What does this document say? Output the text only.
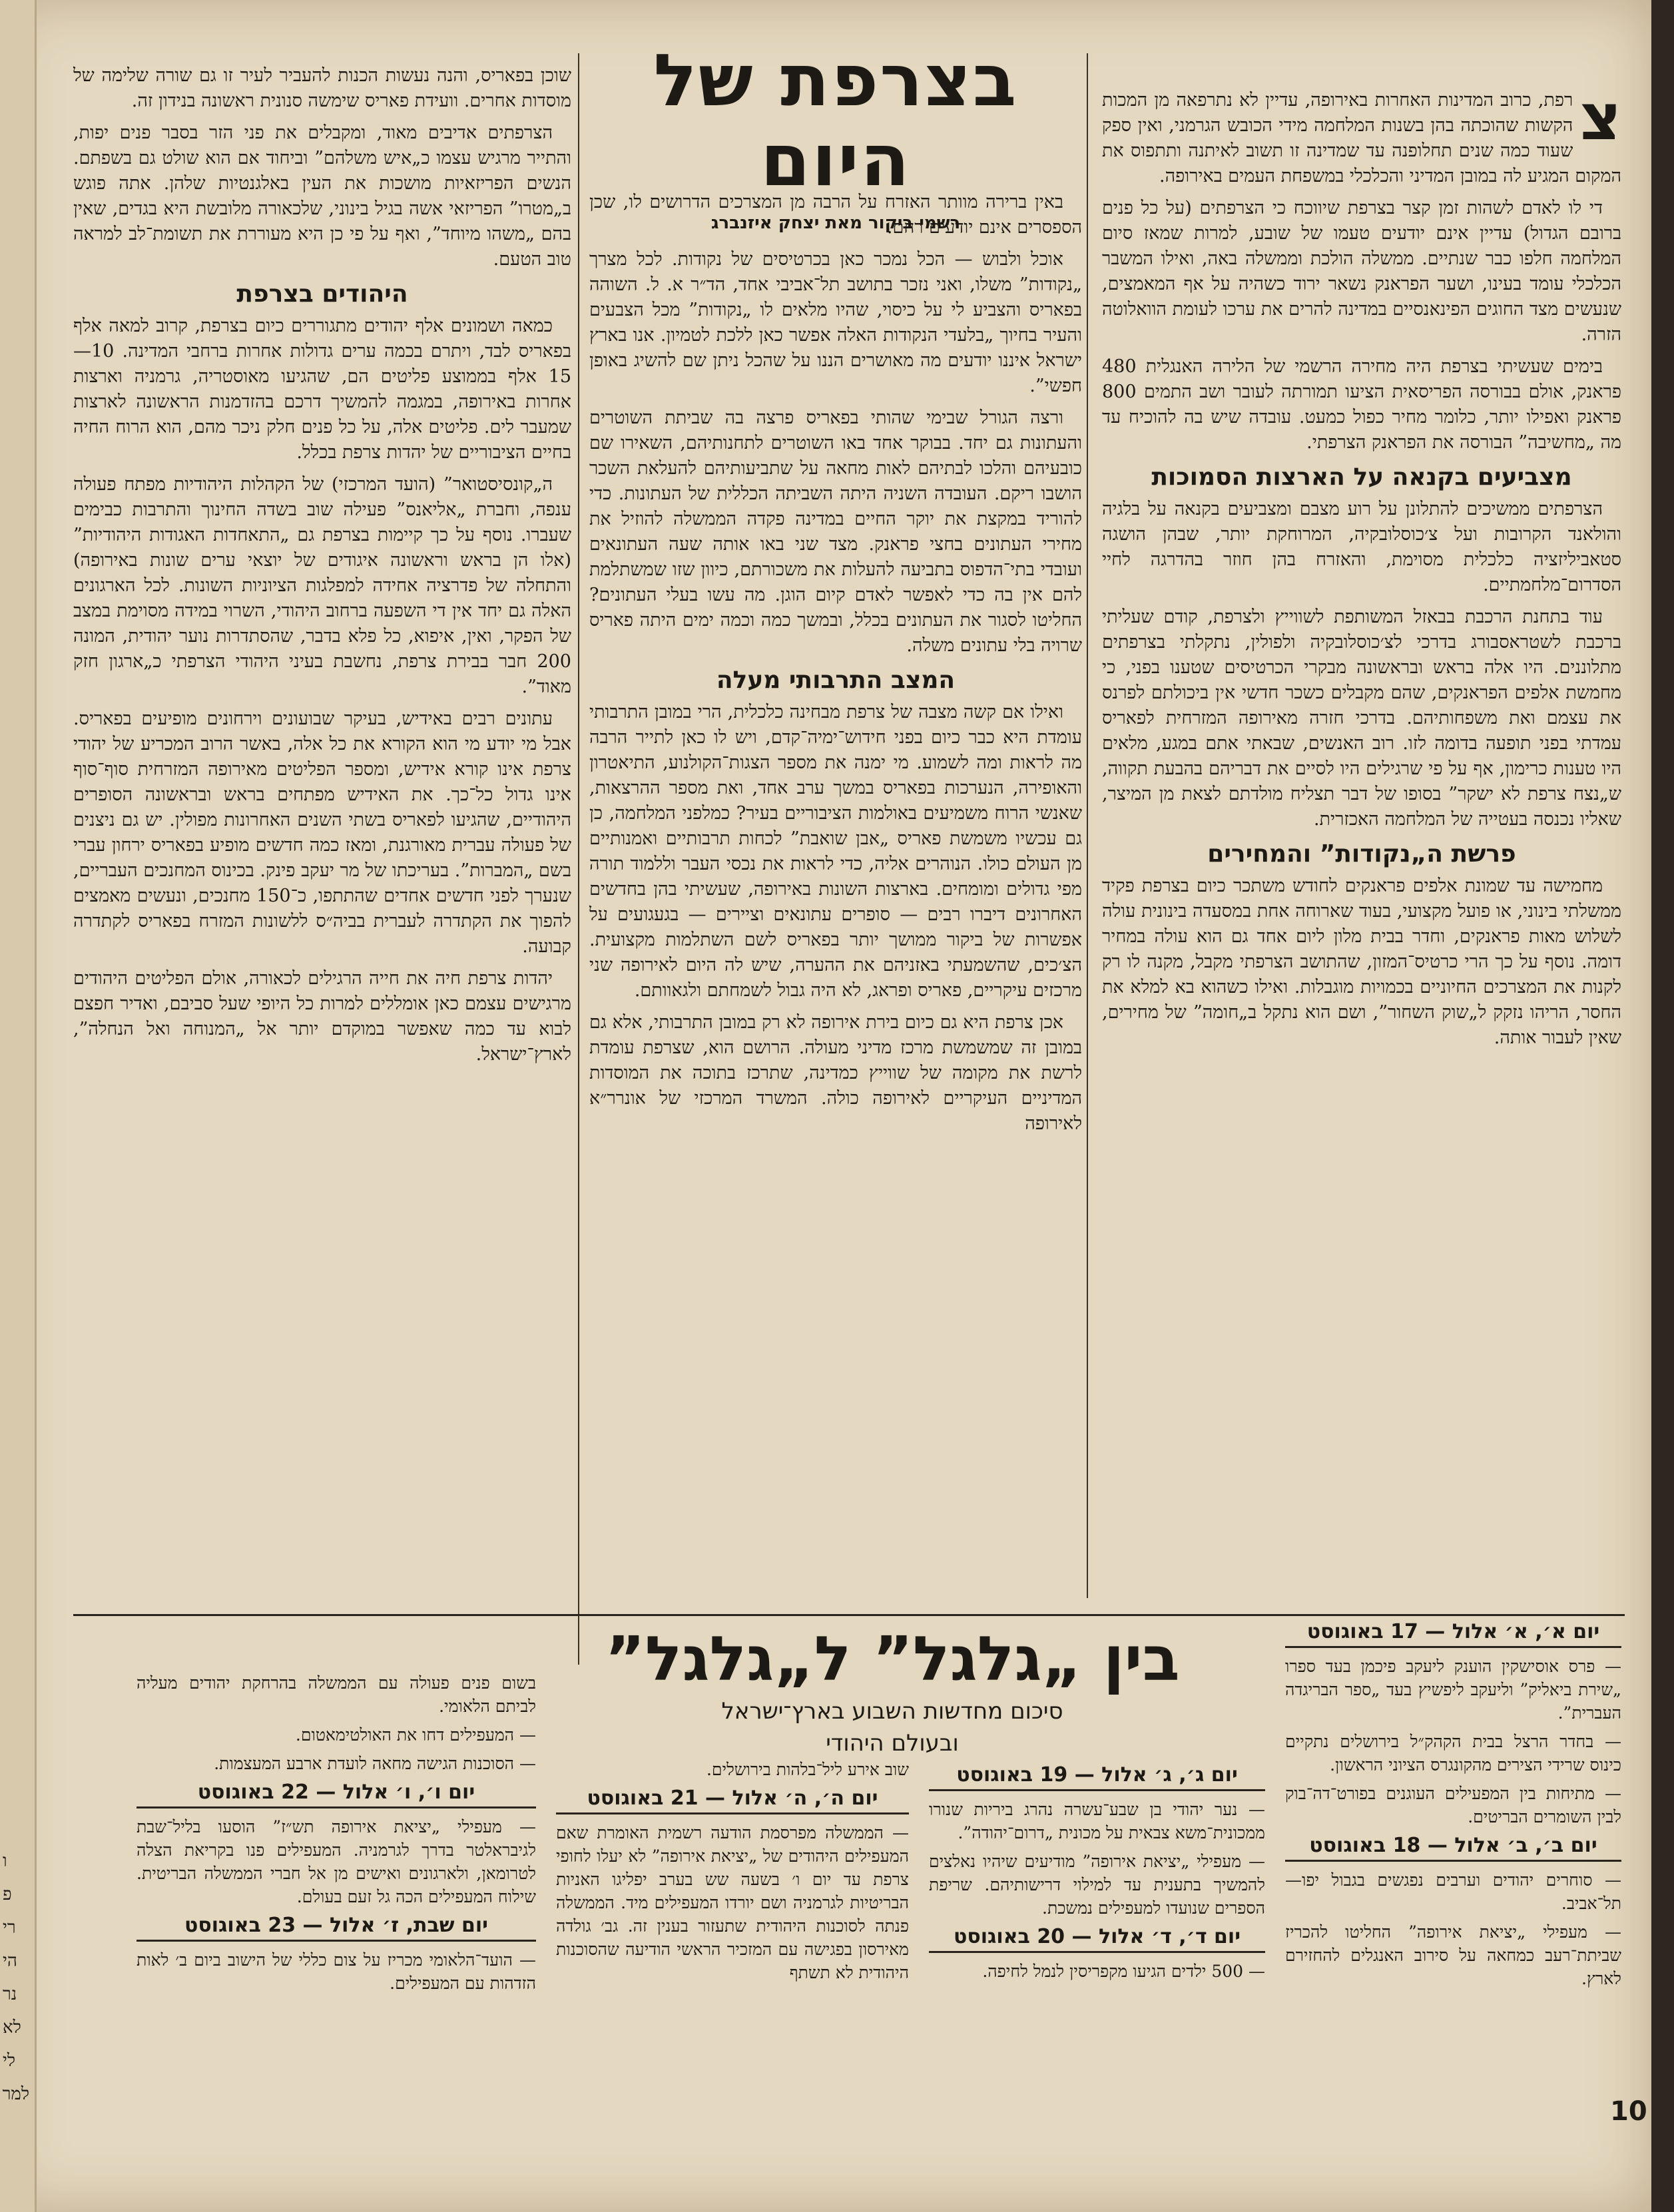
ו
פ
רי
הי
נר
לא
לי
למר
צ

רפת, כרוב המדינות האחרות באירופה, עדיין לא נתרפאה מן המכות הקשות שהוכתה בהן בשנות המלחמה מידי הכובש הגרמני, ואין ספק שעוד כמה שנים תחלופנה עד שמדינה זו תשוב לאיתנה ותתפוס את המקום המגיע לה במובן המדיני והכלכלי במשפחת העמים באירופה.

די לו לאדם לשהות זמן קצר בצרפת שיווכח כי הצרפתים (על כל פנים ברובם הגדול) עדיין אינם יודעים טעמו של שובע, למרות שמאז סיום המלחמה חלפו כבר שנתיים. ממשלה הולכת וממשלה באה, ואילו המשבר הכלכלי עומד בעינו, ושער הפראנק נשאר ירוד כשהיה על אף המאמצים, שנעשים מצד החוגים הפינאנסיים במדינה להרים את ערכו לעומת הוואלוטה הזרה.

בימים שעשיתי בצרפת היה מחירה הרשמי של הלירה האנגלית 480 פראנק, אולם בבורסה הפריסאית הציעו תמורתה לעובר ושב התמים 800 פראנק ואפילו יותר, כלומר מחיר כפול כמעט. עובדה שיש בה להוכיח עד מה „מחשיבה” הבורסה את הפראנק הצרפתי.

מצביעים בקנאה על הארצות הסמוכות

הצרפתים ממשיכים להתלונן על רוע מצבם ומצביעים בקנאה על בלגיה והולאנד הקרובות ועל צ׳כוסלובקיה, המרוחקת יותר, שבהן הושגה סטאביליזציה כלכלית מסוימת, והאזרח בהן חוזר בהדרגה לחיי הסדרום־מלחמתיים.

עוד בתחנת הרכבת בבאזל המשותפת לשווייץ ולצרפת, קודם שעליתי ברכבת לשטראסבורג בדרכי לצ׳כוסלובקיה ולפולין, נתקלתי בצרפתים מתלוננים. היו אלה בראש ובראשונה מבקרי הכרטיסים שטענו בפני, כי מחמשת אלפים הפראנקים, שהם מקבלים כשכר חדשי אין ביכולתם לפרנס את עצמם ואת משפחותיהם. בדרכי חזרה מאירופה המזרחית לפאריס עמדתי בפני תופעה בדומה לזו. רוב האנשים, שבאתי אתם במגע, מלאים היו טענות כרימון, אף על פי שרגילים היו לסיים את דבריהם בהבעת תקווה, ש„נצח צרפת לא ישקר” בסופו של דבר תצליח מולדתם לצאת מן המיצר, שאליו נכנסה בעטייה של המלחמה האכזרית.

פרשת ה„נקודות” והמחירים

מחמישה עד שמונת אלפים פראנקים לחודש משתכר כיום בצרפת פקיד ממשלתי בינוני, או פועל מקצועי, בעוד שארוחה אחת במסעדה בינונית עולה לשלוש מאות פראנקים, וחדר בבית מלון ליום אחד גם הוא עולה במחיר דומה. נוסף על כך הרי כרטיס־המזון, שהתושב הצרפתי מקבל, מקנה לו רק לקנות את המצרכים החיוניים בכמויות מוגבלות. ואילו כשהוא בא למלא את החסר, הריהו נזקק ל„שוק השחור”, ושם הוא נתקל ב„חומה” של מחירים, שאין לעבור אותה.

בצרפת של היום
רשמי ביקור מאת יצחק איזנברג

באין ברירה מוותר האזרח על הרבה מן המצרכים הדרושים לו, שכן הספסרים אינם יודעים רחם.

אוכל ולבוש — הכל נמכר כאן בכרטיסים של נקודות. לכל מצרך „נקודות” משלו, ואני נזכר בתושב תל־אביבי אחד, הד״ר א. ל. השוהה בפאריס והצביע לי על כיסוי, שהיו מלאים לו „נקודות” מכל הצבעים והעיר בחיוך „בלעדי הנקודות האלה אפשר כאן ללכת לטמיון. אנו בארץ ישראל איננו יודעים מה מאושרים הננו על שהכל ניתן שם להשיג באופן חפשי”.

ורצה הגורל שבימי שהותי בפאריס פרצה בה שביתת השוטרים והעתונות גם יחד. בבוקר אחד באו השוטרים לתחנותיהם, השאירו שם כובעיהם והלכו לבתיהם לאות מחאה על שתביעותיהם להעלאת השכר הושבו ריקם. העובדה השניה היתה השביתה הכללית של העתונות. כדי להוריד במקצת את יוקר החיים במדינה פקדה הממשלה להוזיל את מחירי העתונים בחצי פראנק. מצד שני באו אותה שעה העתונאים ועובדי בתי־הדפוס בתביעה להעלות את משכורתם, כיוון שזו שמשתלמת להם אין בה כדי לאפשר לאדם קיום הוגן. מה עשו בעלי העתונים? החליטו לסגור את העתונים בכלל, ובמשך כמה וכמה ימים היתה פאריס שרויה בלי עתונים משלה.

המצב התרבותי מעלה

ואילו אם קשה מצבה של צרפת מבחינה כלכלית, הרי במובן התרבותי עומדת היא כבר כיום בפני חידוש־ימיה־קדם, ויש לו כאן לתייר הרבה מה לראות ומה לשמוע. מי ימנה את מספר הצגות־הקולנוע, התיאטרון והאופירה, הנערכות בפאריס במשך ערב אחד, ואת מספר ההרצאות, שאנשי הרוח משמיעים באולמות הציבוריים בעיר? כמלפני המלחמה, כן גם עכשיו משמשת פאריס „אבן שואבת” לכחות תרבותיים ואמנותיים מן העולם כולו. הנוהרים אליה, כדי לראות את נכסי העבר וללמוד תורה מפי גדולים ומומחים. בארצות השונות באירופה, שעשיתי בהן בחדשים האחרונים דיברו רבים — סופרים עתונאים וציירים — בגעגועים על אפשרות של ביקור ממושך יותר בפאריס לשם השתלמות מקצועית. הצ׳כים, שהשמעתי באזניהם את ההערה, שיש לה היום לאירופה שני מרכזים עיקריים, פאריס ופראג, לא היה גבול לשמחתם ולגאוותם.

אכן צרפת היא גם כיום בירת אירופה לא רק במובן התרבותי, אלא גם במובן זה שמשמשת מרכז מדיני מעולה. הרושם הוא, שצרפת עומדת לרשת את מקומה של שווייץ כמדינה, שתרכז בתוכה את המוסדות המדיניים העיקריים לאירופה כולה. המשרד המרכזי של אונרר״א לאירופה

שוכן בפאריס, והנה נעשות הכנות להעביר לעיר זו גם שורה שלימה של מוסדות אחרים. וועידת פאריס שימשה סנונית ראשונה בנידון זה.

הצרפתים אדיבים מאוד, ומקבלים את פני הזר בסבר פנים יפות, והתייר מרגיש עצמו כ„איש משלהם” וביחוד אם הוא שולט גם בשפתם. הנשים הפריזאיות מושכות את העין באלגנטיות שלהן. אתה פוגש ב„מטרו” הפריזאי אשה בגיל בינוני, שלכאורה מלובשת היא בגדים, שאין בהם „משהו מיוחד”, ואף על פי כן היא מעוררת את תשומת־לב למראה טוב הטעם.

היהודים בצרפת

כמאה ושמונים אלף יהודים מתגוררים כיום בצרפת, קרוב למאה אלף בפאריס לבד, ויתרם בכמה ערים גדולות אחרות ברחבי המדינה. 10—15 אלף בממוצע פליטים הם, שהגיעו מאוסטריה, גרמניה וארצות אחרות באירופה, במגמה להמשיך דרכם בהזדמנות הראשונה לארצות שמעבר לים. פליטים אלה, על כל פנים חלק ניכר מהם, הוא הרוח החיה בחיים הציבוריים של יהדות צרפת בכלל.

ה„קונסיסטואר” (הועד המרכזי) של הקהלות היהודיות מפתח פעולה ענפה, וחברת „אליאנס” פעילה שוב בשדה החינוך והתרבות כבימים שעברו. נוסף על כך קיימות בצרפת גם „התאחדות האגודות היהודיות” (אלו הן בראש וראשונה איגודים של יוצאי ערים שונות באירופה) והתחלה של פדרציה אחידה למפלגות הציוניות השונות. לכל הארגונים האלה גם יחד אין די השפעה ברחוב היהודי, השרוי במידה מסוימת במצב של הפקר, ואין, איפוא, כל פלא בדבר, שהסתדרות נוער יהודית, המונה 200 חבר בבירת צרפת, נחשבת בעיני היהודי הצרפתי כ„ארגון חזק מאוד”.

עתונים רבים באידיש, בעיקר שבועונים וירחונים מופיעים בפאריס. אבל מי יודע מי הוא הקורא את כל אלה, באשר הרוב המכריע של יהודי צרפת אינו קורא אידיש, ומספר הפליטים מאירופה המזרחית סוף־סוף אינו גדול כל־כך. את האידיש מפתחים בראש ובראשונה הסופרים היהודיים, שהגיעו לפאריס בשתי השנים האחרונות מפולין. יש גם ניצנים של פעולה עברית מאורגנת, ומאז כמה חדשים מופיע בפאריס ירחון עברי בשם „המברות”. בעריכתו של מר יעקב פינק. בכינוס המחנכים העבריים, שנערך לפני חדשים אחדים שהתתפו, כ־150 מחנכים, ונעשים מאמצים להפוך את הקתדרה לעברית בביה״ס ללשונות המזרח בפאריס לקתדרה קבועה.

יהדות צרפת חיה את חייה הרגילים לכאורה, אולם הפליטים היהודים מרגישים עצמם כאן אומללים למרות כל היופי שעל סביבם, ואדיר חפצם לבוא עד כמה שאפשר במוקדם יותר אל „המנוחה ואל הנחלה”, לארץ־ישראל.

בין „גלגל” ל„גלגל”
סיכום מחדשות השבוע בארץ־ישראל
ובעולם היהודי
יום א׳, א׳ אלול — 17 באוגוסט
— פרס אוסישקין הוענק ליעקב פיכמן בעד ספרו „שירת ביאליק” וליעקב ליפשיץ בעד „ספר הבריגדה העברית”.
— בחדר הרצל בבית הקהק״ל בירושלים נתקיים כינוס שרידי הצירים מהקונגרס הציוני הראשון.
— מתיחות בין המפעילים העוגנים בפורט־דה־בוק לבין השומרים הבריטים.
יום ב׳, ב׳ אלול — 18 באוגוסט
— סוחרים יהודים וערבים נפגשים בגבול יפו—תל־אביב.
— מעפילי „יציאת אירופה” החליטו להכריז שביתת־רעב כמחאה על סירוב האנגלים להחזירם לארץ.
יום ג׳, ג׳ אלול — 19 באוגוסט
— נער יהודי בן שבע־עשרה נהרג ביריות שנורו ממכונית־משא צבאית על מכונית „דרום־יהודה”.
— מעפילי „יציאת אירופה” מודיעים שיהיו נאלצים להמשיך בתענית עד למילוי דרישותיהם. שריפת הספרים שנועדו למעפילים נמשכת.
יום ד׳, ד׳ אלול — 20 באוגוסט
— 500 ילדים הגיעו מקפריסין לנמל לחיפה.
שוב אירע ליל־בלהות בירושלים.
יום ה׳, ה׳ אלול — 21 באוגוסט
— הממשלה מפרסמת הודעה רשמית האומרת שאם המעפילים היהודים של „יציאת אירופה” לא יעלו לחופי צרפת עד יום ו׳ בשעה שש בערב יפליגו האניות הבריטיות לגרמניה ושם יורדו המעפילים מיד. הממשלה פנתה לסוכנות היהודית שתעזור בענין זה. גב׳ גולדה מאירסון בפגישה עם המזכיר הראשי הודיעה שהסוכנות היהודית לא תשתף
בשום פנים פעולה עם הממשלה בהרחקת יהודים מעליה לביתם הלאומי.
— המעפילים דחו את האולטימאטום.
— הסוכנות הגישה מחאה לועדת ארבע המעצמות.
יום ו׳, ו׳ אלול — 22 באוגוסט
— מעפילי „יציאת אירופה תש״ז” הוסעו בליל־שבת לגיבראלטר בדרך לגרמניה. המעפילים פנו בקריאת הצלה לטרומאן, ולארגונים ואישים מן אל חברי הממשלה הבריטית. שילוח המעפילים הכה גל זעם בעולם.
יום שבת, ז׳ אלול — 23 באוגוסט
— הועד־הלאומי מכריז על צום כללי של הישוב ביום ב׳ לאות הזדהות עם המעפילים.
10
